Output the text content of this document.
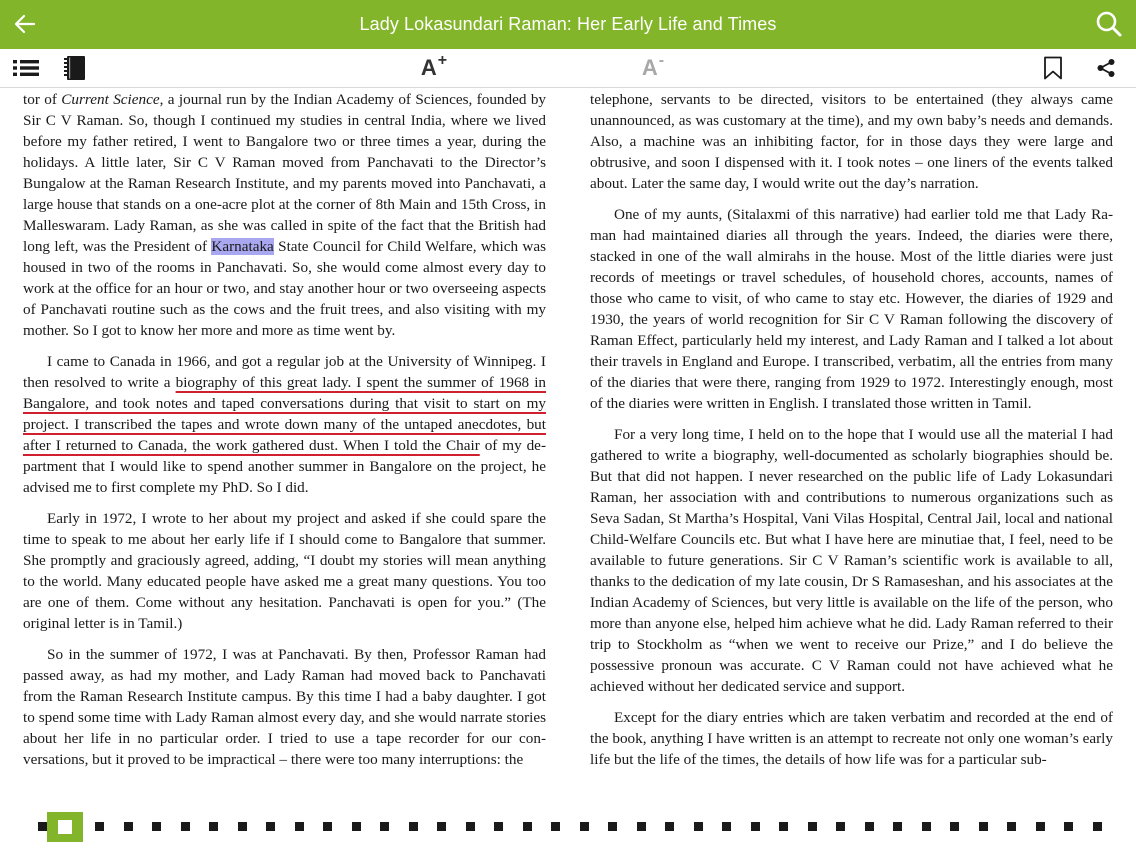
Lady Lokasundari Raman: Her Early Life and Times
A +	A -

tor of Current Science, a journal run by the Indian Academy of Sciences, founded by Sir C V Raman. So, though I continued my studies in central India, where we lived before my father retired, I went to Bangalore two or three times a year, during the holidays. A little later, Sir C V Raman moved from Panchavati to the Director’s Bungalow at the Raman Research Institute, and my parents moved into Panchavati, a large house that stands on a one-acre plot at the corner of 8th Main and 15th Cross, in Malleswaram. Lady Raman, as she was called in spite of the fact that the British had long left, was the President of Karnataka State Council for Child Welfare, which was housed in two of the rooms in Panchavati. So, she would come almost every day to work at the office for an hour or two, and stay another hour or two overseeing aspects of Panchavati routine such as the cows and the fruit trees, and also visiting with my mother. So I got to know her more and more as time went by.

I came to Canada in 1966, and got a regular job at the University of Winnipeg. I then resolved to write a biography of this great lady. I spent the summer of 1968 in Bangalore, and took notes and taped conversations during that visit to start on my project. I transcribed the tapes and wrote down many of the untaped anecdotes, but after I returned to Canada, the work gathered dust. When I told the Chair of my department that I would like to spend another summer in Bangalore on the project, he advised me to first complete my PhD. So I did.

Early in 1972, I wrote to her about my project and asked if she could spare the time to speak to me about her early life if I should come to Bangalore that summer. She promptly and graciously agreed, adding, “I doubt my stories will mean anything to the world. Many educated people have asked me a great many questions. You too are one of them. Come without any hesitation. Panchavati is open for you.” (The original letter is in Tamil.)

So in the summer of 1972, I was at Panchavati. By then, Professor Raman had passed away, as had my mother, and Lady Raman had moved back to Panchavati from the Raman Research Institute campus. By this time I had a baby daughter. I got to spend some time with Lady Raman almost every day, and she would narrate stories about her life in no particular order. I tried to use a tape recorder for our conversations, but it proved to be impractical – there were too many interruptions: the

telephone, servants to be directed, visitors to be entertained (they always came unannounced, as was customary at the time), and my own baby’s needs and demands. Also, a machine was an inhibiting factor, for in those days they were large and obtrusive, and soon I dispensed with it. I took notes – one liners of the events talked about. Later the same day, I would write out the day’s narration.

One of my aunts, (Sitalaxmi of this narrative) had earlier told me that Lady Raman had maintained diaries all through the years. Indeed, the diaries were there, stacked in one of the wall almirahs in the house. Most of the little diaries were just records of meetings or travel schedules, of household chores, accounts, names of those who came to visit, of who came to stay etc. However, the diaries of 1929 and 1930, the years of world recognition for Sir C V Raman following the discovery of Raman Effect, particularly held my interest, and Lady Raman and I talked a lot about their travels in England and Europe. I transcribed, verbatim, all the entries from many of the diaries that were there, ranging from 1929 to 1972. Interestingly enough, most of the diaries were written in English. I translated those written in Tamil.

For a very long time, I held on to the hope that I would use all the material I had gathered to write a biography, well-documented as scholarly biographies should be. But that did not happen. I never researched on the public life of Lady Lokasundari Raman, her association with and contributions to numerous organizations such as Seva Sadan, St Martha’s Hospital, Vani Vilas Hospital, Central Jail, local and national Child-Welfare Councils etc. But what I have here are minutiae that, I feel, need to be available to future generations. Sir C V Raman’s scientific work is available to all, thanks to the dedication of my late cousin, Dr S Ramaseshan, and his associates at the Indian Academy of Sciences, but very little is available on the life of the person, who more than anyone else, helped him achieve what he did. Lady Raman referred to their trip to Stockholm as “when we went to receive our Prize,” and I do believe the possessive pronoun was accurate. C V Raman could not have achieved what he achieved without her dedicated service and support.

Except for the diary entries which are taken verbatim and recorded at the end of the book, anything I have written is an attempt to recreate not only one woman’s early life but the life of the times, the details of how life was for a particular sub-
